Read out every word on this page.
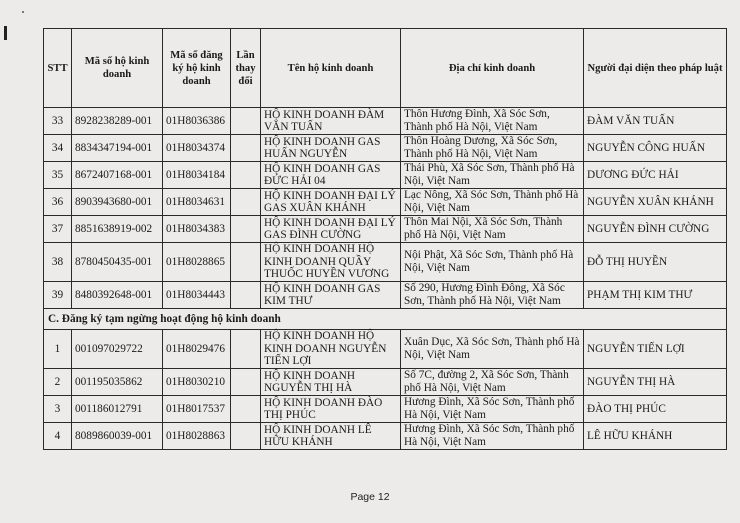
STT	Mã số hộ kinh doanh	Mã số đăng ký hộ kinh doanh	Lần thay đổi	Tên hộ kinh doanh	Địa chỉ kinh doanh	Người đại diện theo pháp luật
33	8928238289-001	01H8036386		HỘ KINH DOANH ĐÀM VĂN TUẤN	Thôn Hương Đình, Xã Sóc Sơn, Thành phố Hà Nội, Việt Nam	ĐÀM VĂN TUẤN
34	8834347194-001	01H8034374		HỘ KINH DOANH GAS HUẤN NGUYỄN	Thôn Hoàng Dương, Xã Sóc Sơn, Thành phố Hà Nội, Việt Nam	NGUYỄN CÔNG HUẤN
35	8672407168-001	01H8034184		HỘ KINH DOANH GAS ĐỨC HẢI 04	Thái Phù, Xã Sóc Sơn, Thành phố Hà Nội, Việt Nam	DƯƠNG ĐỨC HẢI
36	8903943680-001	01H8034631		HỘ KINH DOANH ĐẠI LÝ GAS XUÂN KHÁNH	Lạc Nông, Xã Sóc Sơn, Thành phố Hà Nội, Việt Nam	NGUYỄN XUÂN KHÁNH
37	8851638919-002	01H8034383		HỘ KINH DOANH ĐẠI LÝ GAS ĐÌNH CƯỜNG	Thôn Mai Nội, Xã Sóc Sơn, Thành phố Hà Nội, Việt Nam	NGUYỄN ĐÌNH CƯỜNG
38	8780450435-001	01H8028865		HỘ KINH DOANH HỘ KINH DOANH QUẦY THUỐC HUYỀN VƯƠNG	Nội Phật, Xã Sóc Sơn, Thành phố Hà Nội, Việt Nam	ĐỖ THỊ HUYỀN
39	8480392648-001	01H8034443		HỘ KINH DOANH GAS KIM THƯ	Số 290, Hương Đình Đông, Xã Sóc Sơn, Thành phố Hà Nội, Việt Nam	PHẠM THỊ KIM THƯ
C. Đăng ký tạm ngừng hoạt động hộ kinh doanh						
1	001097029722	01H8029476		HỘ KINH DOANH HỘ KINH DOANH NGUYỄN TIẾN LỢI	Xuân Dục, Xã Sóc Sơn, Thành phố Hà Nội, Việt Nam	NGUYỄN TIẾN LỢI
2	001195035862	01H8030210		HỘ KINH DOANH NGUYỄN THỊ HÀ	Số 7C, đường 2, Xã Sóc Sơn, Thành phố Hà Nội, Việt Nam	NGUYỄN THỊ HÀ
3	001186012791	01H8017537		HỘ KINH DOANH ĐÀO THỊ PHÚC	Hương Đình, Xã Sóc Sơn, Thành phố Hà Nội, Việt Nam	ĐÀO THỊ PHÚC
4	8089860039-001	01H8028863		HỘ KINH DOANH LÊ HỮU KHÁNH	Hương Đình, Xã Sóc Sơn, Thành phố Hà Nội, Việt Nam	LÊ HỮU KHÁNH
Page 12
